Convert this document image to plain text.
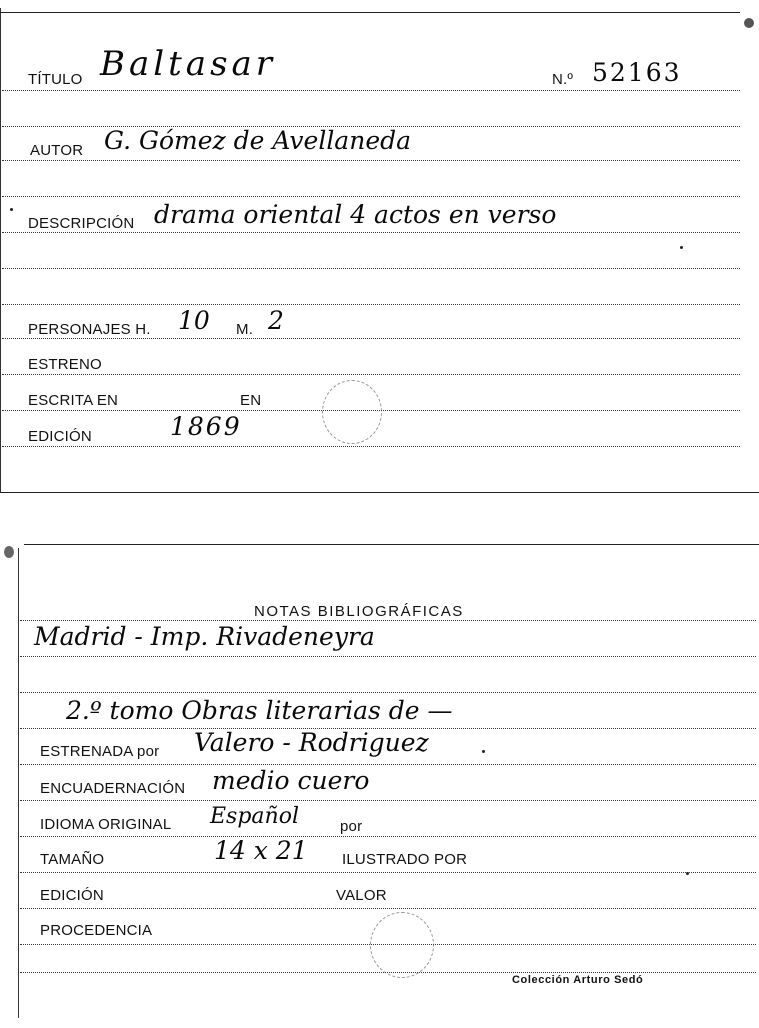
TÍTULO Baltasar	N.º 52163
AUTOR G. Gómez de Avellaneda
DESCRIPCIÓN drama oriental 4 actos en verso
PERSONAJES H. 10 M. 2
ESTRENO
ESCRITA EN	EN
EDICIÓN	1869
NOTAS BIBLIOGRÁFICAS
Madrid - Imp. Rivadeneyra
2.º tomo Obras literarias de —
ESTRENADA por Valero - Rodriguez
ENCUADERNACIÓN medio cuero
IDIOMA ORIGINAL Español	por
TAMAÑO	14 x 21 ILUSTRADO POR
EDICIÓN	VALOR
PROCEDENCIA
Colección Arturo Sedó
